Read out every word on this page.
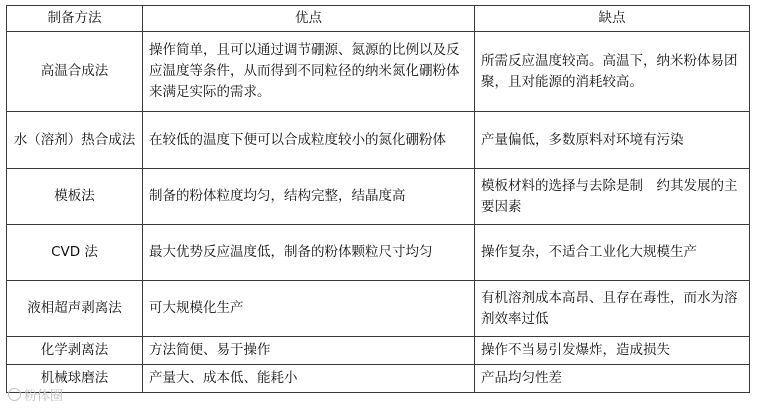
制备方法	优点	缺点
高温合成法	操作简单，且可以通过调节硼源、氮源的比例以及反应温度等条件，从而得到不同粒径的纳米氮化硼粉体来满足实际的需求。	所需反应温度较高。高温下，纳米粉体易团聚，且对能源的消耗较高。
水（溶剂）热合成法	在较低的温度下便可以合成粒度较小的氮化硼粉体	产量偏低，多数原料对环境有污染
模板法	制备的粉体粒度均匀，结构完整，结晶度高	模板材料的选择与去除是制　约其发展的主要因素
CVD 法	最大优势反应温度低，制备的粉体颗粒尺寸均匀	操作复杂，不适合工业化大规模生产
液相超声剥离法	可大规模化生产	有机溶剂成本高昂、且存在毒性，而水为溶剂效率过低
化学剥离法	方法简便、易于操作	操作不当易引发爆炸，造成损失
机械球磨法	产量大、成本低、能耗小	产品均匀性差
粉体圈
